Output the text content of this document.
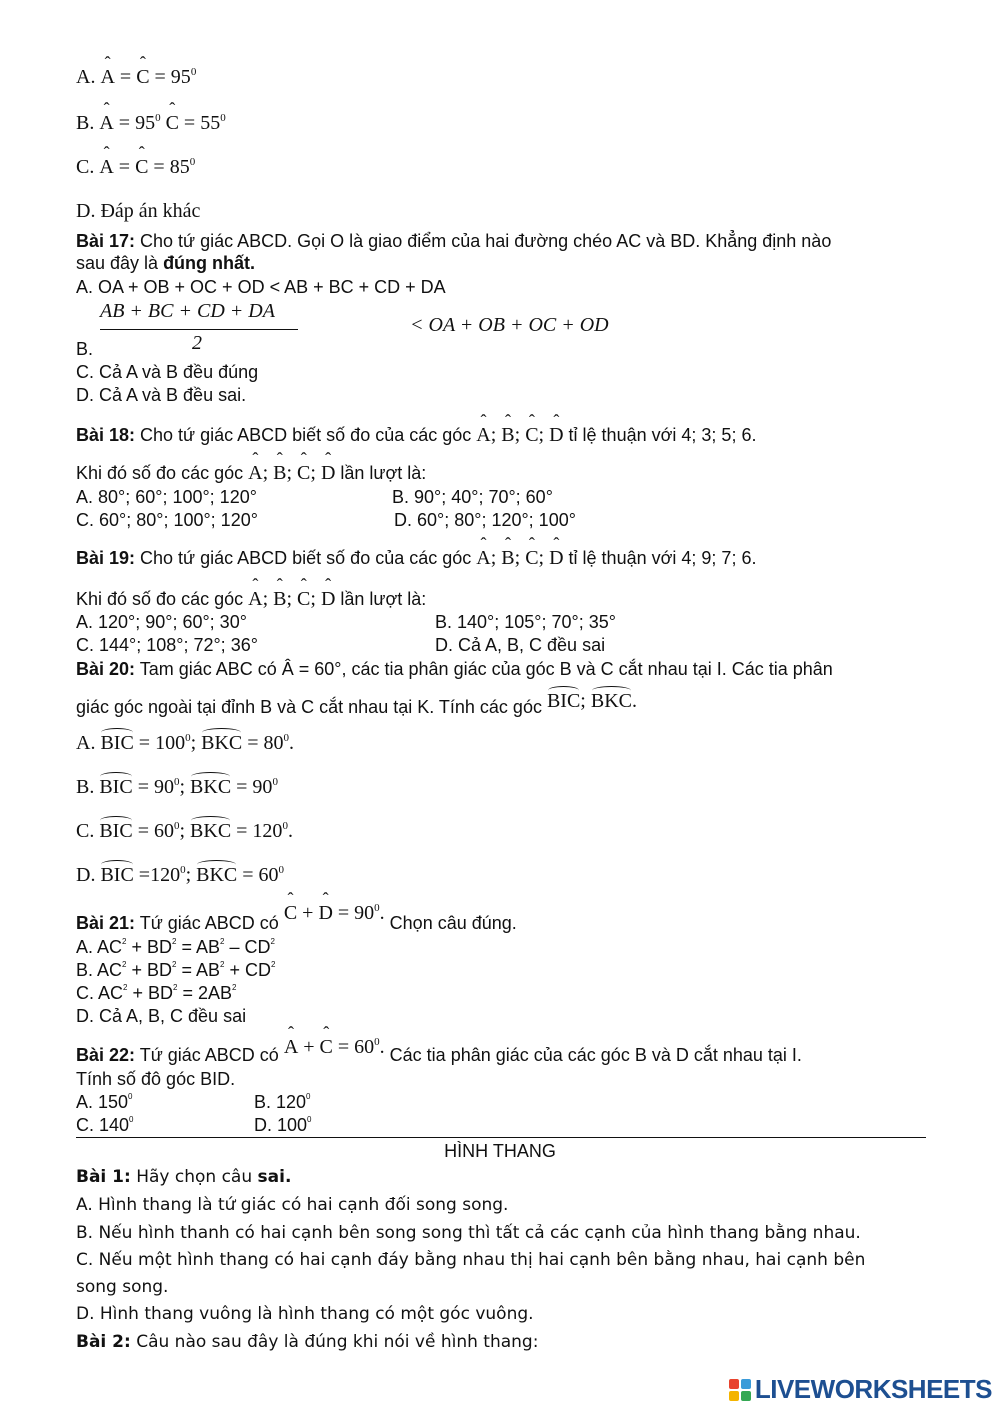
A. ˆ A = ˆ $C = 95^0$
B. ˆ $A = 95^0$ ˆ $C = 55^0$
C. ˆ A = ˆ $C = 85^0$
D. Đáp án khác
Bài 17: Cho tứ giác ABCD. Gọi O là giao điểm của hai đường chéo AC và BD. Khẳng định nào
sau đây là đúng nhất.
A. OA + OB + OC + OD < AB + BC + CD + DA
AB + BC + CD + DA
< OA + OB + OC + OD
2
B.
C. Cả A và B đều đúng
D. Cả A và B đều sai.
Bài 18: Cho tứ giác ABCD biết số đo của các góc ˆ A; ˆ B; ˆ C; ˆ D tỉ lệ thuận với 4; 3; 5; 6.
Khi đó số đo các góc ˆ A; ˆ B; ˆ C; ˆ D lần lượt là:
A. 80°; 60°; 100°; 120°	B. 90°; 40°; 70°; 60°
C. 60°; 80°; 100°; 120°	D. 60°; 80°; 120°; 100°
Bài 19: Cho tứ giác ABCD biết số đo của các góc ˆ A; ˆ B; ˆ C; ˆ D tỉ lệ thuận với 4; 9; 7; 6.
Khi đó số đo các góc ˆ A; ˆ B; ˆ C; ˆ D lần lượt là:
A. 120°; 90°; 60°; 30°	B. 140°; 105°; 70°; 35°
C. 144°; 108°; 72°; 36°	D. Cả A, B, C đều sai
Bài 20: Tam giác ABC có Â = 60°, các tia phân giác của góc B và C cắt nhau tại I. Các tia phân
giác góc ngoài tại đỉnh B và C cắt nhau tại K. Tính các góc BIC; BKC.
A. BIC = $100^0$; BKC = $80^0$.
B. BIC = $90^0$; BKC = $90^0$
C. BIC = $60^0$; BKC = $120^0$.
D. BIC $=120^0$; BKC = $60^0$
Bài 21: Tứ giác ABCD có ˆ C + ˆ $D = 90^0$. Chọn câu đúng.
A. $AC^2 + BD^2 = AB^2 - CD^2$
B. $AC^2 + BD^2 = AB^2 + CD^2$
C. $AC^2 + BD^2 = 2AB^2$
D. Cả A, B, C đều sai
Bài 22: Tứ giác ABCD có ˆ A + ˆ $C = 60^0$. Các tia phân giác của các góc B và D cắt nhau tại I.
Tính số đô góc BID.
A. $150^0$	B. $120^0$
C. $140^0$	D. $100^0$
HÌNH THANG
Bài 1: Hãy chọn câu sai.
A. Hình thang là tứ giác có hai cạnh đối song song.
B. Nếu hình thanh có hai cạnh bên song song thì tất cả các cạnh của hình thang bằng nhau.
C. Nếu một hình thang có hai cạnh đáy bằng nhau thị hai cạnh bên bằng nhau, hai cạnh bên
song song.
D. Hình thang vuông là hình thang có một góc vuông.
Bài 2: Câu nào sau đây là đúng khi nói về hình thang:
LIVEWORKSHEETS
